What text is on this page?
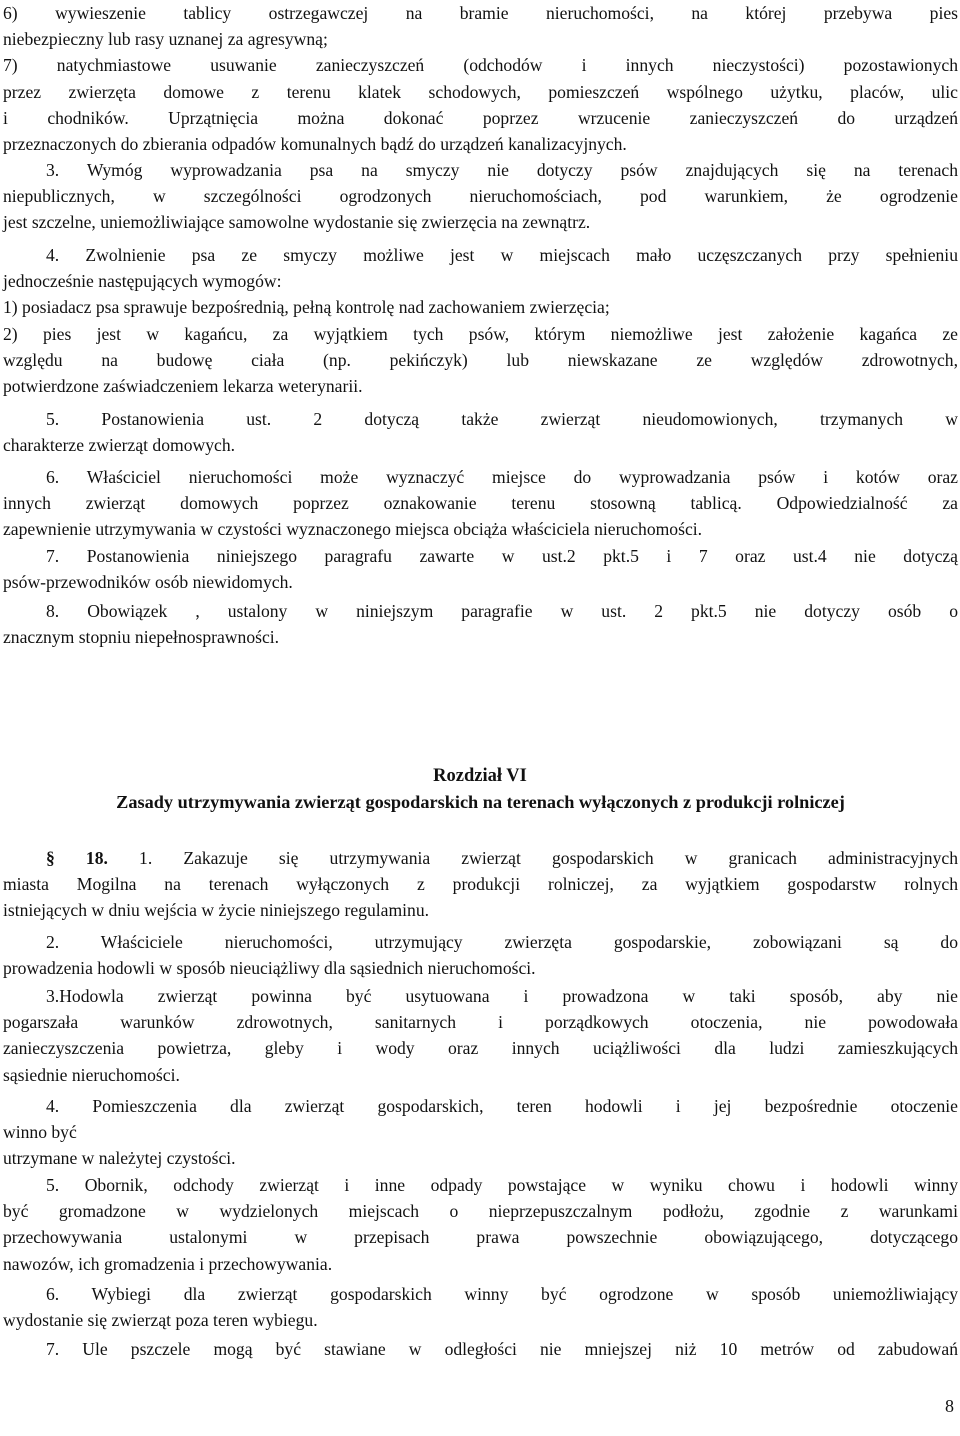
6) wywieszenie tablicy ostrzegawczej na bramie nieruchomości, na której przebywa pies
niebezpieczny lub rasy uznanej za agresywną;
7) natychmiastowe usuwanie zanieczyszczeń (odchodów i innych nieczystości) pozostawionych
przez zwierzęta domowe z terenu klatek schodowych, pomieszczeń wspólnego użytku, placów, ulic
i chodników. Uprzątnięcia można dokonać poprzez wrzucenie zanieczyszczeń do urządzeń
przeznaczonych do zbierania odpadów komunalnych bądź do urządzeń kanalizacyjnych.
3. Wymóg wyprowadzania psa na smyczy nie dotyczy psów znajdujących się na terenach
niepublicznych, w szczególności ogrodzonych nieruchomościach, pod warunkiem, że ogrodzenie
jest szczelne, uniemożliwiające samowolne wydostanie się zwierzęcia na zewnątrz.
4. Zwolnienie psa ze smyczy możliwe jest w miejscach mało uczęszczanych przy spełnieniu
jednocześnie następujących wymogów:
1) posiadacz psa sprawuje bezpośrednią, pełną kontrolę nad zachowaniem zwierzęcia;
2) pies jest w kagańcu, za wyjątkiem tych psów, którym niemożliwe jest założenie kagańca ze
względu na budowę ciała (np. pekińczyk) lub niewskazane ze względów zdrowotnych,
potwierdzone zaświadczeniem lekarza weterynarii.
5. Postanowienia ust. 2 dotyczą także zwierząt nieudomowionych, trzymanych w
charakterze zwierząt domowych.
6. Właściciel nieruchomości może wyznaczyć miejsce do wyprowadzania psów i kotów oraz
innych zwierząt domowych poprzez oznakowanie terenu stosowną tablicą. Odpowiedzialność za
zapewnienie utrzymywania w czystości wyznaczonego miejsca obciąża właściciela nieruchomości.
7. Postanowienia niniejszego paragrafu zawarte w ust.2 pkt.5 i 7 oraz ust.4 nie dotyczą
psów-przewodników osób niewidomych.
8. Obowiązek , ustalony w niniejszym paragrafie w ust. 2 pkt.5 nie dotyczy osób o
znacznym stopniu niepełnosprawności.
Rozdział VI
Zasady utrzymywania zwierząt gospodarskich na terenach wyłączonych z produkcji rolniczej
§ 18. 1. Zakazuje się utrzymywania zwierząt gospodarskich w granicach administracyjnych
miasta Mogilna na terenach wyłączonych z produkcji rolniczej, za wyjątkiem gospodarstw rolnych
istniejących w dniu wejścia w życie niniejszego regulaminu.
2. Właściciele nieruchomości, utrzymujący zwierzęta gospodarskie, zobowiązani są do
prowadzenia hodowli w sposób nieuciążliwy dla sąsiednich nieruchomości.
3.Hodowla zwierząt powinna być usytuowana i prowadzona w taki sposób, aby nie
pogarszała warunków zdrowotnych, sanitarnych i porządkowych otoczenia, nie powodowała
zanieczyszczenia powietrza, gleby i wody oraz innych uciążliwości dla ludzi zamieszkujących
sąsiednie nieruchomości.
4. Pomieszczenia dla zwierząt gospodarskich, teren hodowli i jej bezpośrednie otoczenie
winno być
utrzymane w należytej czystości.
5. Obornik, odchody zwierząt i inne odpady powstające w wyniku chowu i hodowli winny
być gromadzone w wydzielonych miejscach o nieprzepuszczalnym podłożu, zgodnie z warunkami
przechowywania ustalonymi w przepisach prawa powszechnie obowiązującego, dotyczącego
nawozów, ich gromadzenia i przechowywania.
6. Wybiegi dla zwierząt gospodarskich winny być ogrodzone w sposób uniemożliwiający
wydostanie się zwierząt poza teren wybiegu.
7. Ule pszczele mogą być stawiane w odległości nie mniejszej niż 10 metrów od zabudowań
8
